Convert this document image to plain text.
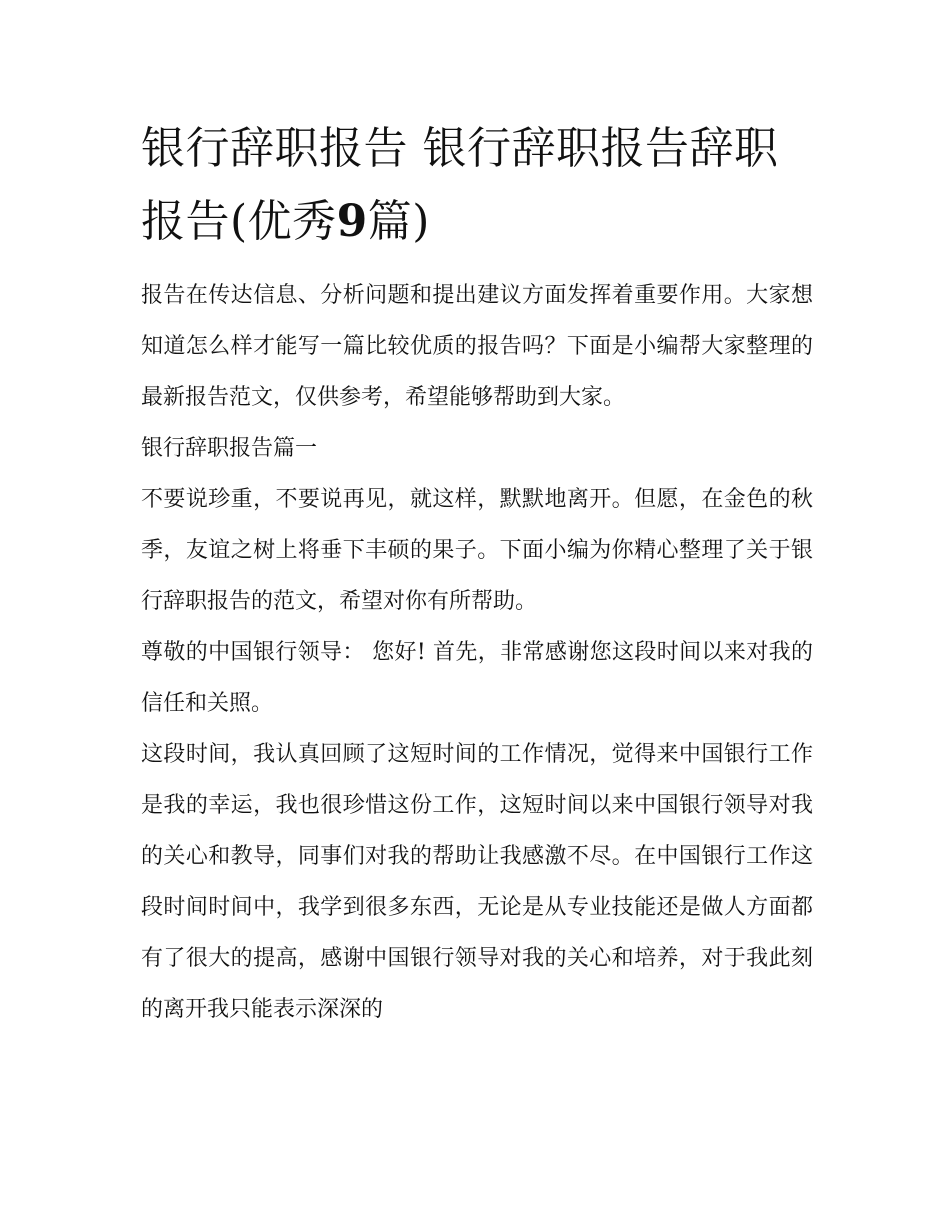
银行辞职报告 银行辞职报告辞职报告(优秀9篇)

报告在传达信息、分析问题和提出建议方面发挥着重要作用。大家想知道怎么样才能写一篇比较优质的报告吗？下面是小编帮大家整理的最新报告范文，仅供参考，希望能够帮助到大家。

银行辞职报告篇一

不要说珍重，不要说再见，就这样，默默地离开。但愿，在金色的秋季，友谊之树上将垂下丰硕的果子。下面小编为你精心整理了关于银行辞职报告的范文，希望对你有所帮助。

尊敬的中国银行领导： 您好! 首先，非常感谢您这段时间以来对我的信任和关照。

这段时间，我认真回顾了这短时间的工作情况，觉得来中国银行工作是我的幸运，我也很珍惜这份工作，这短时间以来中国银行领导对我的关心和教导，同事们对我的帮助让我感激不尽。在中国银行工作这段时间时间中，我学到很多东西，无论是从专业技能还是做人方面都有了很大的提高，感谢中国银行领导对我的关心和培养，对于我此刻的离开我只能表示深深的
